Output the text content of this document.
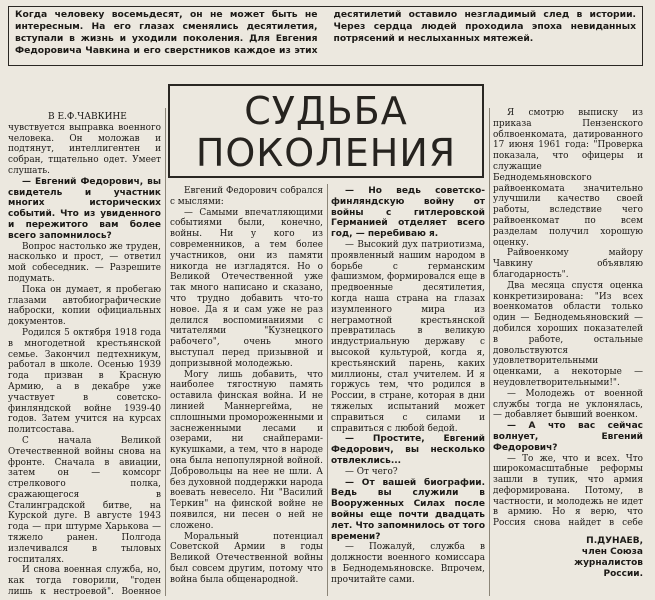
Когда человеку восемьдесят, он не может быть не интересным. На его глазах сменялись десятилетия, вступали в жизнь и уходили поколения. Для Евгения Федоровича Чавкина и его сверстников каждое из этих десятилетий оставило незгладимый след в истории. Через сердца людей проходила эпоха невиданных потрясений и неслыханных мятежей.
СУДЬБА
ПОКОЛЕНИЯ

В Е.Ф.ЧАВКИНЕ

чувствуется выправка военного человека. Он моложав и подтянут, интеллигентен и собран, тщательно одет. Умеет слушать.

— Евгений Федорович, вы свидетель и участник многих исторических событий. Что из увиденного и пережитого вам более всего запомнилось?

Вопрос настолько же труден, насколько и прост, — ответил мой собеседник. — Разрешите подумать.

Пока он думает, я пробегаю глазами автобиографические наброски, копии официальных документов.

Родился 5 октября 1918 года в многодетной крестьянской семье. Закончил педтехникум, работал в школе. Осенью 1939 года призван в Красную Армию, а в декабре уже участвует в советско-финляндской войне 1939-40 годов. Затем учится на курсах политсостава.

С начала Великой Отечественной войны снова на фронте. Сначала в авиации, затем он — комсорг стрелкового полка, сражающегося в Сталинградской битве, на Курской дуге. В августе 1943 года — при штурме Харькова — тяжело ранен. Полгода излечивался в тыловых госпиталях.

И снова военная служба, но, как тогда говорили, "годен лишь к нестроевой". Военное

Евгений Федорович собрался с мыслями:

— Самыми впечатляющими событиями были, конечно, войны. Ни у кого из современников, а тем более участников, они из памяти никогда не изгладятся. Но о Великой Отечественной уже так много написано и сказано, что трудно добавить что-то новое. Да я и сам уже не раз делился воспоминаниями с читателями "Кузнецкого рабочего", очень много выступал перед призывной и допризывной молодежью.

Могу лишь добавить, что наиболее тягостную память оставила финская война. И не линией Маннергейма, не сплошными промороженными и заснеженными лесами и озерами, ни снайперами-кукушками, а тем, что в народе она была непопулярной войной. Добровольцы на нее не шли. А без духовной поддержки народа воевать невесело. Ни "Василий Теркин" на финской войне не появился, ни песен о ней не сложено.

Моральный потенциал Советской Армии в годы Великой Отечественной войны был совсем другим, потому что война была общенародной.

— Но ведь советско-финляндскую войну от войны с гитлеровской Германией отделяет всего год, — перебиваю я.

— Высокий дух патриотизма, проявленный нашим народом в борьбе с германским фашизмом, формировался еще в предвоенные десятилетия, когда наша страна на глазах изумленного мира из неграмотной крестьянской превратилась в великую индустриальную державу с высокой культурой, когда я, крестьянский парень, каких миллионы, стал учителем. И я горжусь тем, что родился в России, в стране, которая в дни тяжелых испытаний может справиться с силами и справиться с любой бедой.

— Простите, Евгений Федорович, вы несколько отвлеклись...

— От чего?

— От вашей биографии. Ведь вы служили в Вооруженных Силах после войны еще почти двадцать лет. Что запомнилось от того времени?

— Пожалуй, служба в должности военного комиссара в Беднодемьяновске. Впрочем, прочитайте сами.

Я смотрю выписку из приказа Пензенского облвоенкомата, датированного 17 июня 1961 года: "Проверка показала, что офицеры и служащие Беднодемьяновского райвоенкомата значительно улучшили качество своей работы, вследствие чего райвоенкомат по всем разделам получил хорошую оценку.

Райвоенкому майору Чавкину объявляю благодарность".

Два месяца спустя оценка конкретизирована: "Из всех военкоматов области только один — Беднодемьяновский — добился хороших показателей в работе, остальные довольствуются удовлетворительными оценками, а некоторые — неудовлетворительными!".

— Молодежь от военной службы тогда не уклонялась, — добавляет бывший военком.

— А что вас сейчас волнует, Евгений Федорович?

— То же, что и всех. Что широкомасштабные реформы зашли в тупик, что армия деформирована. Потому, в частности, и молодежь не идет в армию. Но я верю, что Россия снова найдет в себе

П.ДУНАЕВ,
член Союза
журналистов
России.
